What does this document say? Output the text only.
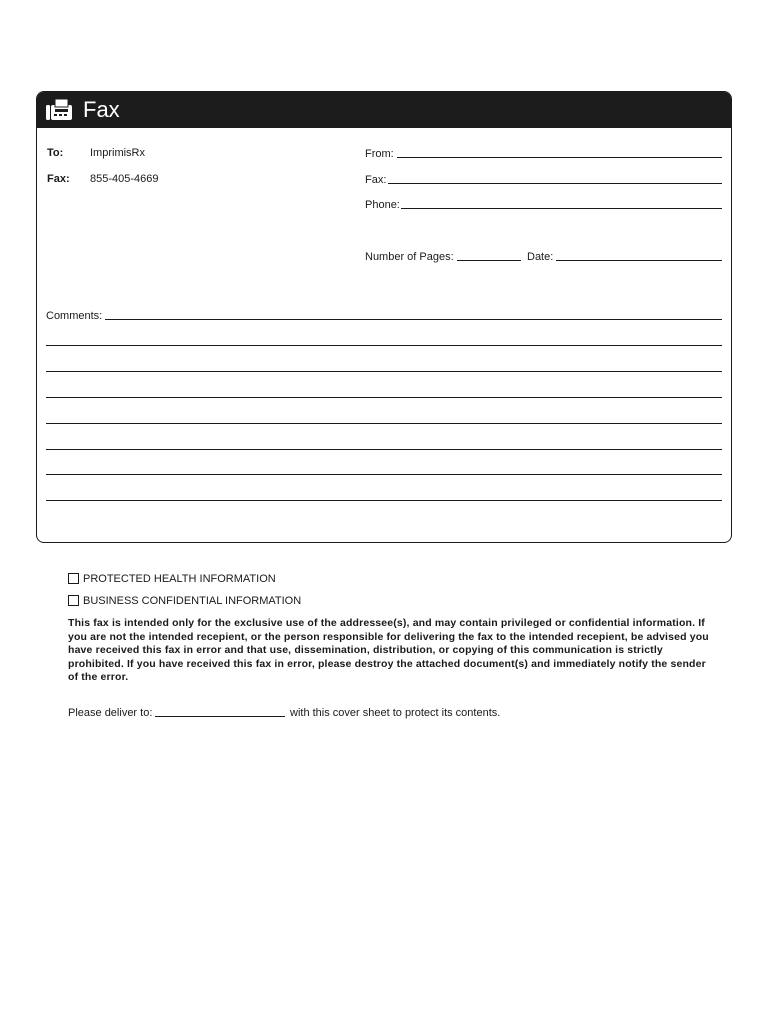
Fax
To: ImprimisRx
Fax: 855-405-4669
From:
Fax:
Phone:
Number of Pages:	Date:
Comments:
PROTECTED HEALTH INFORMATION
BUSINESS CONFIDENTIAL INFORMATION
This fax is intended only for the exclusive use of the addressee(s), and may contain privileged or confidential information. If you are not the intended recepient, or the person responsible for delivering the fax to the intended recepient, be advised you have received this fax in error and that use, dissemination, distribution, or copying of this communication is strictly prohibited. If you have received this fax in error, please destroy the attached document(s) and immediately notify the sender of the error.
Please deliver to:	with this cover sheet to protect its contents.
